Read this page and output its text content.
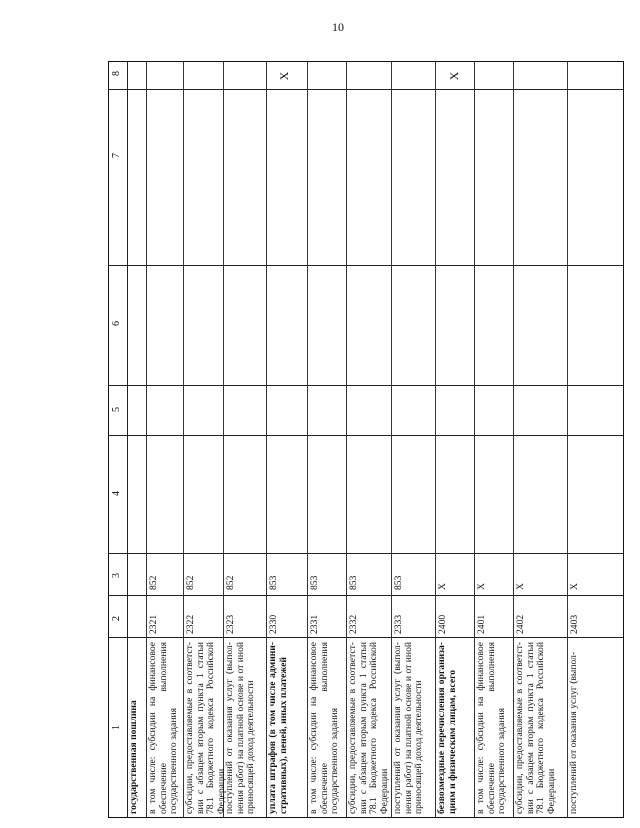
10
1
2
3
4
5
6
7
8
государственная пошлина в том числе: субсидии на финансовое обеспечение выполнения государственного задания
2321
852
субсидии, предоставляемые в соответст-вии с абзацем вторым пункта 1 статьи 78.1 Бюджетного кодекса Российской Федерации
2322
852
поступлений от оказания услуг (выпол-нения работ) на платной основе и от иной приносящей доход деятельности
2323
852
уплата штрафов (в том числе админи-стративных), пеней, иных платежей
2330
853
X
в том числе: субсидии на финансовое обеспечение выполнения государственного задания
2331
853
субсидии, предоставляемые в соответст-вии с абзацем вторым пункта 1 статьи 78.1 Бюджетного кодекса Российской Федерации
2332
853
поступлений от оказания услуг (выпол-нения работ) на платной основе и от иной приносящей доход деятельности
2333
853
безвозмездные перечисления организа-циям и физическим лицам, всего
2400
X
X
в том числе: субсидии на финансовое обеспечение выполнения государственного задания
2401
X
субсидии, предоставляемые в соответст-вии с абзацем вторым пункта 1 статьи 78.1 Бюджетного кодекса Российской Федерации
2402
X
поступлений от оказания услуг (выпол-
2403
X
